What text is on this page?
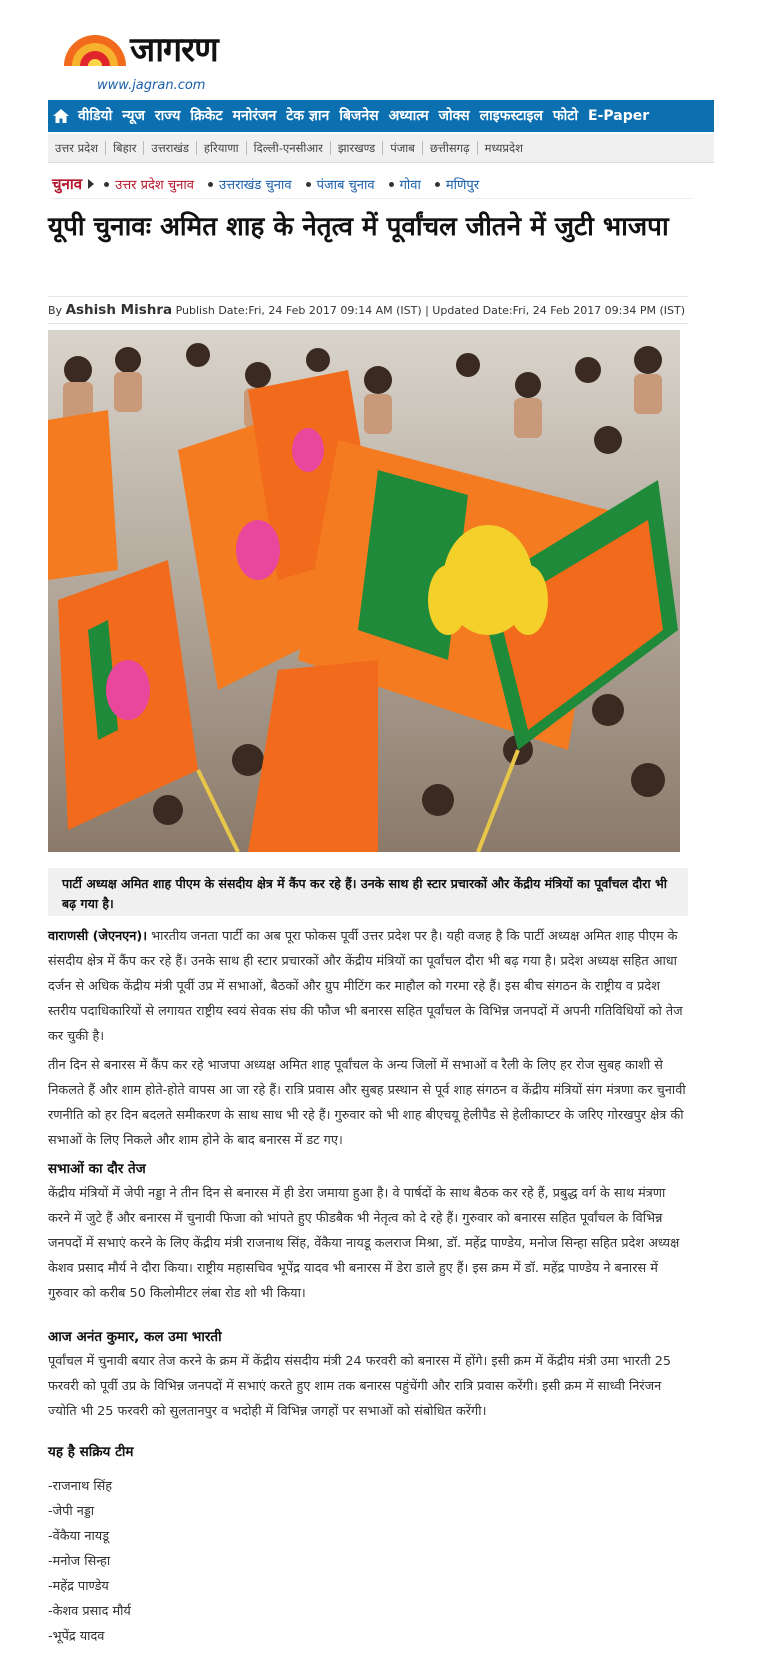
जागरण
www.jagran.com
वीडियो न्यूज राज्य क्रिकेट मनोरंजन टेक ज्ञान बिजनेस अध्यात्म जोक्स लाइफस्टाइल फोटो E-Paper
उत्तर प्रदेश	बिहार	उत्तराखंड	हरियाणा	दिल्ली-एनसीआर	झारखण्ड	पंजाब	छत्तीसगढ़	मध्यप्रदेश
चुनाव	उत्तर प्रदेश चुनाव उत्तराखंड चुनाव पंजाब चुनाव गोवा मणिपुर
यूपी चुनावः अमित शाह के नेतृत्व में पूर्वांचल जीतने में जुटी भाजपा
By Ashish Mishra Publish Date:Fri, 24 Feb 2017 09:14 AM (IST) | Updated Date:Fri, 24 Feb 2017 09:34 PM (IST)
पार्टी अध्यक्ष अमित शाह पीएम के संसदीय क्षेत्र में कैंप कर रहे हैं। उनके साथ ही स्टार प्रचारकों और केंद्रीय मंत्रियों का पूर्वांचल दौरा भी बढ़ गया है।
वाराणसी (जेएनएन)। भारतीय जनता पार्टी का अब पूरा फोकस पूर्वी उत्तर प्रदेश पर है। यही वजह है कि पार्टी अध्यक्ष अमित शाह पीएम के संसदीय क्षेत्र में कैंप कर रहे हैं। उनके साथ ही स्टार प्रचारकों और केंद्रीय मंत्रियों का पूर्वांचल दौरा भी बढ़ गया है। प्रदेश अध्यक्ष सहित आधा दर्जन से अधिक केंद्रीय मंत्री पूर्वी उप्र में सभाओं, बैठकों और ग्रुप मीटिंग कर माहौल को गरमा रहे हैं। इस बीच संगठन के राष्ट्रीय व प्रदेश स्तरीय पदाधिकारियों से लगायत राष्ट्रीय स्वयं सेवक संघ की फौज भी बनारस सहित पूर्वांचल के विभिन्न जनपदों में अपनी गतिविधियों को तेज कर चुकी है।
तीन दिन से बनारस में कैंप कर रहे भाजपा अध्यक्ष अमित शाह पूर्वांचल के अन्य जिलों में सभाओं व रैली के लिए हर रोज सुबह काशी से निकलते हैं और शाम होते-होते वापस आ जा रहे हैं। रात्रि प्रवास और सुबह प्रस्थान से पूर्व शाह संगठन व केंद्रीय मंत्रियों संग मंत्रणा कर चुनावी रणनीति को हर दिन बदलते समीकरण के साथ साध भी रहे हैं। गुरुवार को भी शाह बीएचयू हेलीपैड से हेलीकाप्टर के जरिए गोरखपुर क्षेत्र की सभाओं के लिए निकले और शाम होने के बाद बनारस में डट गए।
सभाओं का दौर तेज
केंद्रीय मंत्रियों में जेपी नड्डा ने तीन दिन से बनारस में ही डेरा जमाया हुआ है। वे पार्षदों के साथ बैठक कर रहे हैं, प्रबुद्ध वर्ग के साथ मंत्रणा करने में जुटे हैं और बनारस में चुनावी फिजा को भांपते हुए फीडबैक भी नेतृत्व को दे रहे हैं। गुरुवार को बनारस सहित पूर्वांचल के विभिन्न जनपदों में सभाएं करने के लिए केंद्रीय मंत्री राजनाथ सिंह, वेंकैया नायडू कलराज मिश्रा, डॉ. महेंद्र पाण्डेय, मनोज सिन्हा सहित प्रदेश अध्यक्ष केशव प्रसाद मौर्य ने दौरा किया। राष्ट्रीय महासचिव भूपेंद्र यादव भी बनारस में डेरा डाले हुए हैं। इस क्रम में डॉ. महेंद्र पाण्डेय ने बनारस में गुरुवार को करीब 50 किलोमीटर लंबा रोड शो भी किया।
आज अनंत कुमार, कल उमा भारती
पूर्वांचल में चुनावी बयार तेज करने के क्रम में केंद्रीय संसदीय मंत्री 24 फरवरी को बनारस में होंगे। इसी क्रम में केंद्रीय मंत्री उमा भारती 25 फरवरी को पूर्वी उप्र के विभिन्न जनपदों में सभाएं करते हुए शाम तक बनारस पहुंचेंगी और रात्रि प्रवास करेंगी। इसी क्रम में साध्वी निरंजन ज्योति भी 25 फरवरी को सुलतानपुर व भदोही में विभिन्न जगहों पर सभाओं को संबोधित करेंगी।
यह है सक्रिय टीम
-राजनाथ सिंह
-जेपी नड्डा
-वेंकैया नायडू
-मनोज सिन्हा
-महेंद्र पाण्डेय
-केशव प्रसाद मौर्य
-भूपेंद्र यादव
